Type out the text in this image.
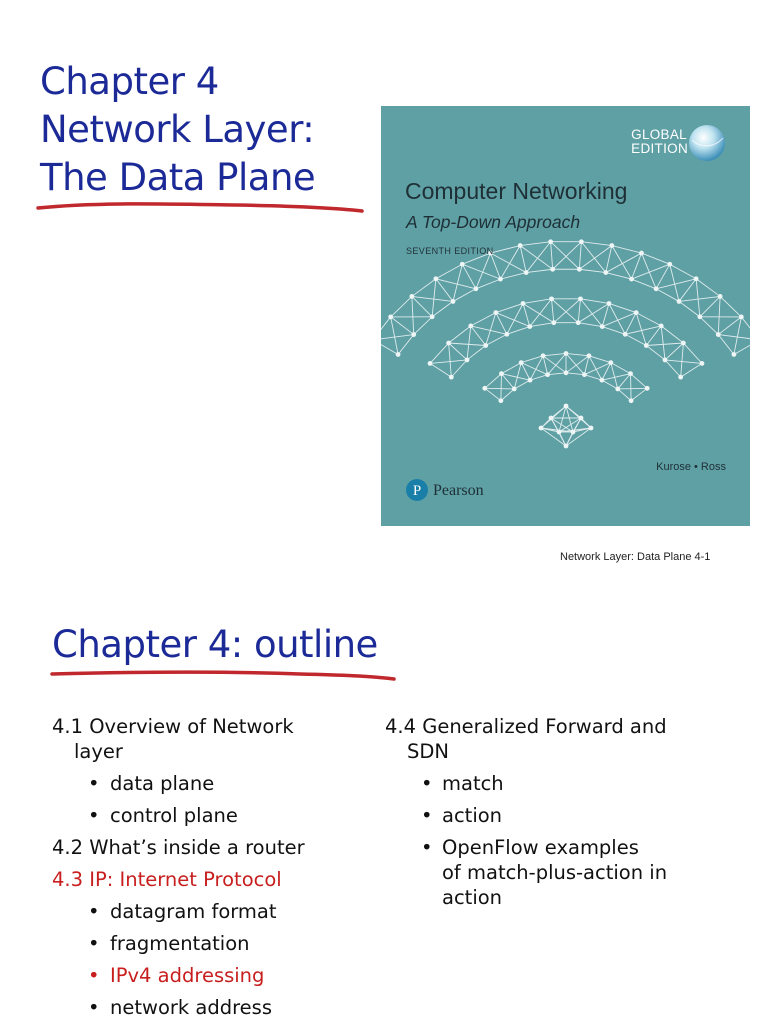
Chapter 4
Network Layer:
The Data Plane
GLOBAL
EDITION
Computer Networking
A Top-Down Approach
SEVENTH EDITION
Kurose • Ross
P Pearson
Network Layer: Data Plane 4-1
Chapter 4: outline
4.1 Overview of Network
layer
• data plane
• control plane
4.2 What’s inside a router
4.3 IP: Internet Protocol
• datagram format
• fragmentation
• IPv4 addressing
• network address
4.4 Generalized Forward and
SDN
• match
• action
• OpenFlow examples
of match-plus-action in
action
